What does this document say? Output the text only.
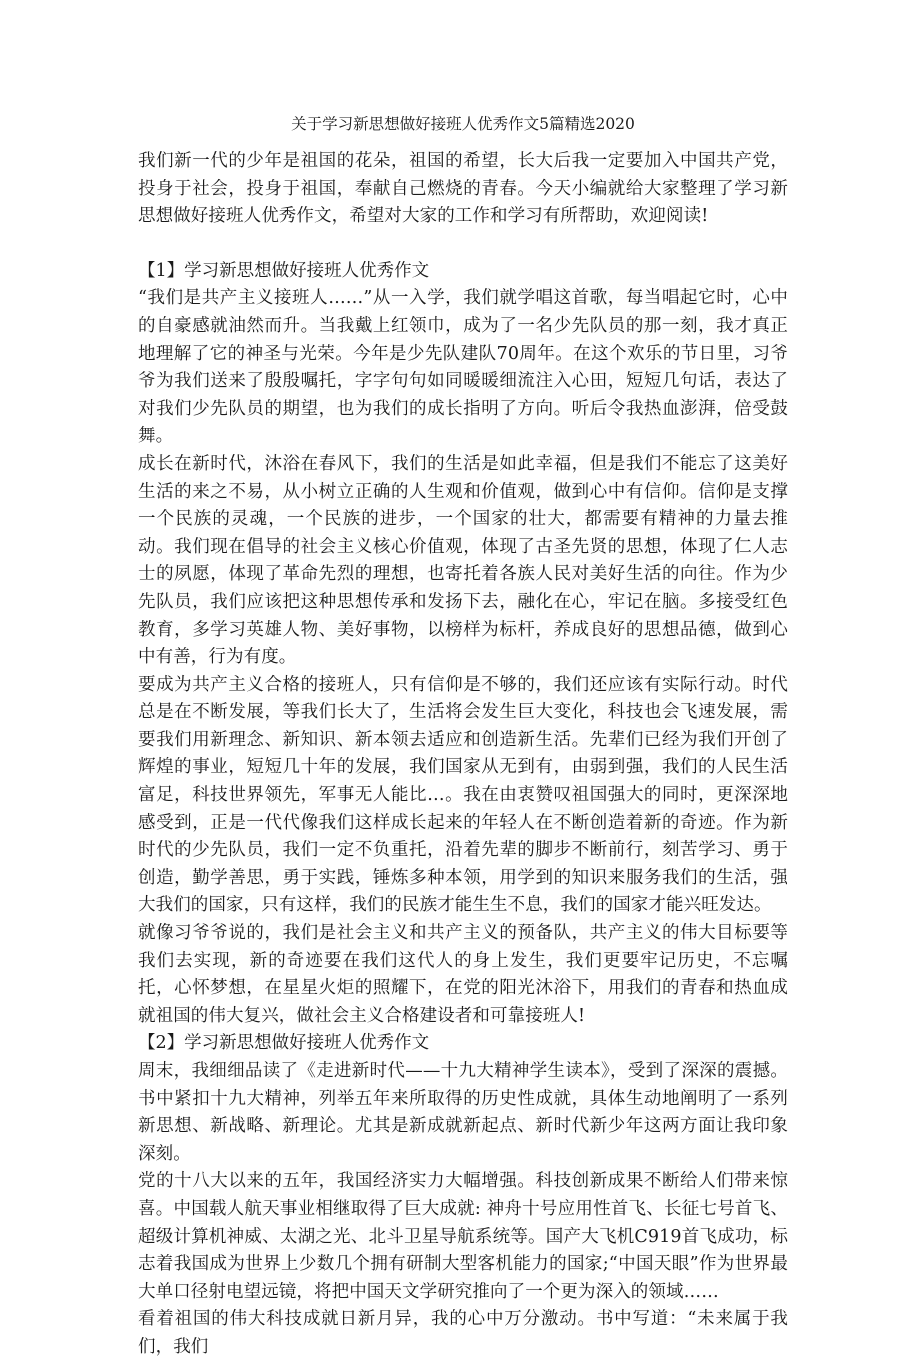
关于学习新思想做好接班人优秀作文5篇精选2020

我们新一代的少年是祖国的花朵，祖国的希望，长大后我一定要加入中国共产党，投身于社会，投身于祖国，奉献自己燃烧的青春。今天小编就给大家整理了学习新思想做好接班人优秀作文，希望对大家的工作和学习有所帮助，欢迎阅读!

【1】学习新思想做好接班人优秀作文

“我们是共产主义接班人……”从一入学，我们就学唱这首歌，每当唱起它时，心中的自豪感就油然而升。当我戴上红领巾，成为了一名少先队员的那一刻，我才真正地理解了它的神圣与光荣。今年是少先队建队70周年。在这个欢乐的节日里，习爷爷为我们送来了殷殷嘱托，字字句句如同暖暖细流注入心田，短短几句话，表达了对我们少先队员的期望，也为我们的成长指明了方向。听后令我热血澎湃，倍受鼓舞。

成长在新时代，沐浴在春风下，我们的生活是如此幸福，但是我们不能忘了这美好生活的来之不易，从小树立正确的人生观和价值观，做到心中有信仰。信仰是支撑一个民族的灵魂，一个民族的进步，一个国家的壮大，都需要有精神的力量去推动。我们现在倡导的社会主义核心价值观，体现了古圣先贤的思想，体现了仁人志士的夙愿，体现了革命先烈的理想，也寄托着各族人民对美好生活的向往。作为少先队员，我们应该把这种思想传承和发扬下去，融化在心，牢记在脑。多接受红色教育，多学习英雄人物、美好事物，以榜样为标杆，养成良好的思想品德，做到心中有善，行为有度。

要成为共产主义合格的接班人，只有信仰是不够的，我们还应该有实际行动。时代总是在不断发展，等我们长大了，生活将会发生巨大变化，科技也会飞速发展，需要我们用新理念、新知识、新本领去适应和创造新生活。先辈们已经为我们开创了辉煌的事业，短短几十年的发展，我们国家从无到有，由弱到强，我们的人民生活富足，科技世界领先，军事无人能比…。我在由衷赞叹祖国强大的同时，更深深地感受到，正是一代代像我们这样成长起来的年轻人在不断创造着新的奇迹。作为新时代的少先队员，我们一定不负重托，沿着先辈的脚步不断前行，刻苦学习、勇于创造，勤学善思，勇于实践，锤炼多种本领，用学到的知识来服务我们的生活，强大我们的国家，只有这样，我们的民族才能生生不息，我们的国家才能兴旺发达。

就像习爷爷说的，我们是社会主义和共产主义的预备队，共产主义的伟大目标要等我们去实现，新的奇迹要在我们这代人的身上发生，我们更要牢记历史，不忘嘱托，心怀梦想，在星星火炬的照耀下，在党的阳光沐浴下，用我们的青春和热血成就祖国的伟大复兴，做社会主义合格建设者和可靠接班人!

【2】学习新思想做好接班人优秀作文

周末，我细细品读了《走进新时代——十九大精神学生读本》，受到了深深的震撼。书中紧扣十九大精神，列举五年来所取得的历史性成就，具体生动地阐明了一系列新思想、新战略、新理论。尤其是新成就新起点、新时代新少年这两方面让我印象深刻。

党的十八大以来的五年，我国经济实力大幅增强。科技创新成果不断给人们带来惊喜。中国载人航天事业相继取得了巨大成就: 神舟十号应用性首飞、长征七号首飞、超级计算机神威、太湖之光、北斗卫星导航系统等。国产大飞机C919首飞成功，标志着我国成为世界上少数几个拥有研制大型客机能力的国家;“中国天眼”作为世界最大单口径射电望远镜，将把中国天文学研究推向了一个更为深入的领域……

看着祖国的伟大科技成就日新月异，我的心中万分激动。书中写道：“未来属于我们，我们
